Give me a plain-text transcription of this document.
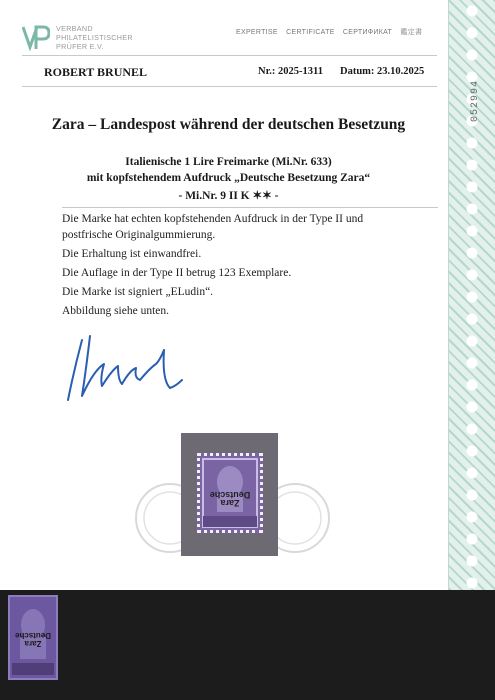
052994
VERBAND
PHILATELISTISCHER
PRÜFER E.V.
EXPERTISE CERTIFICATE СЕРТИФИКАТ 鑑定書
ROBERT BRUNEL	Nr.: 2025-1311 Datum: 23.10.2025
Zara – Landespost während der deutschen Besetzung
Italienische 1 Lire Freimarke (Mi.Nr. 633)
mit kopfstehendem Aufdruck „Deutsche Besetzung Zara“
- Mi.Nr. 9 II K ✶✶ -
Die Marke hat echten kopfstehenden Aufdruck in der Type II und
postfrische Originalgummierung.
Die Erhaltung ist einwandfrei.
Die Auflage in der Type II betrug 123 Exemplare.
Die Marke ist signiert „ELudin“.
Abbildung siehe unten.
Zara
Deutsche
Zara
Deutsche
